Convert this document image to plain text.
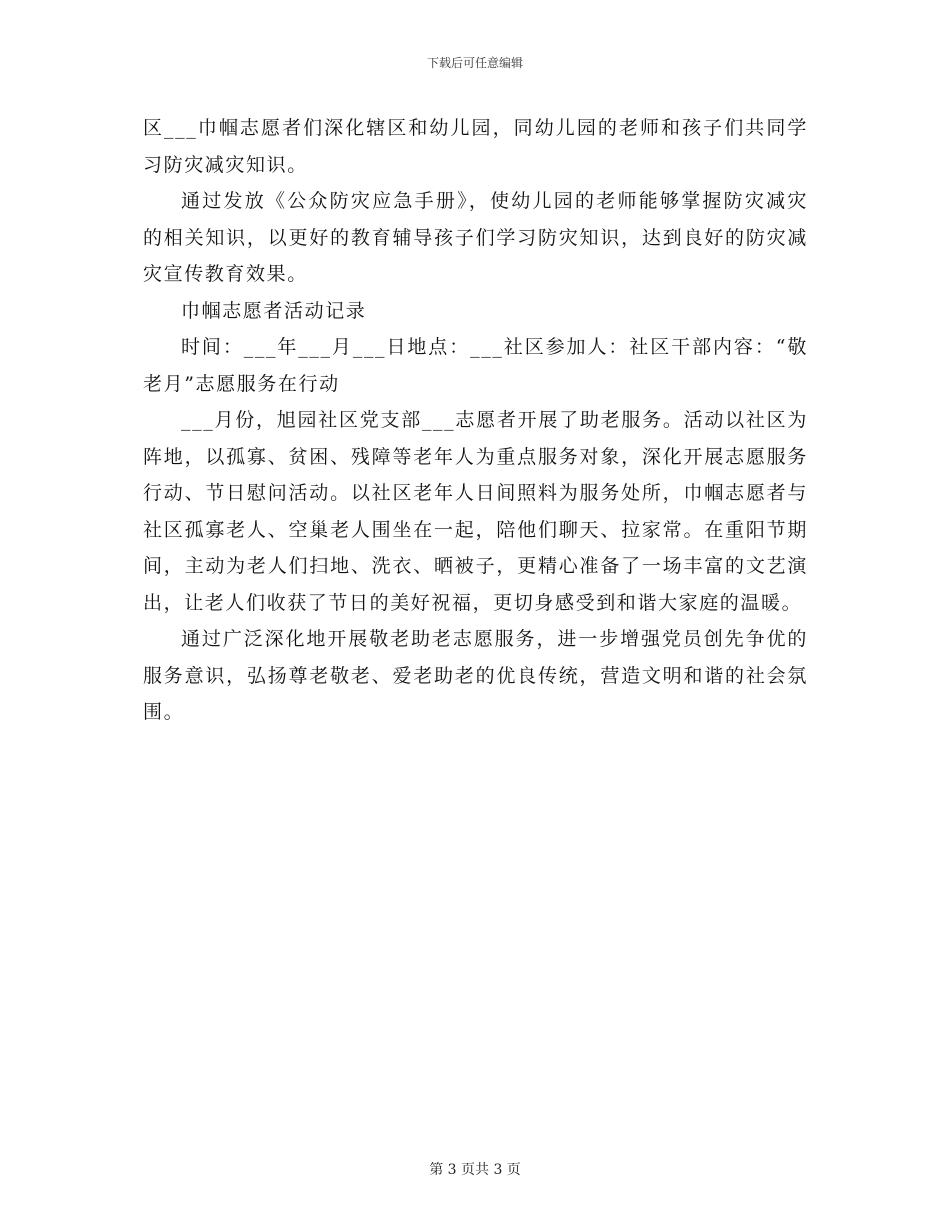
下载后可任意编辑

区___巾帼志愿者们深化辖区和幼儿园，同幼儿园的老师和孩子们共同学习防灾减灾知识。

通过发放《公众防灾应急手册》，使幼儿园的老师能够掌握防灾减灾的相关知识，以更好的教育辅导孩子们学习防灾知识，达到良好的防灾减灾宣传教育效果。

巾帼志愿者活动记录

时间：___年___月___日地点：___社区参加人：社区干部内容：“敬老月”志愿服务在行动

___月份，旭园社区党支部___志愿者开展了助老服务。活动以社区为阵地，以孤寡、贫困、残障等老年人为重点服务对象，深化开展志愿服务行动、节日慰问活动。以社区老年人日间照料为服务处所，巾帼志愿者与社区孤寡老人、空巢老人围坐在一起，陪他们聊天、拉家常。在重阳节期间，主动为老人们扫地、洗衣、晒被子，更精心准备了一场丰富的文艺演出，让老人们收获了节日的美好祝福，更切身感受到和谐大家庭的温暖。

通过广泛深化地开展敬老助老志愿服务，进一步增强党员创先争优的服务意识，弘扬尊老敬老、爱老助老的优良传统，营造文明和谐的社会氛围。

第 3 页共 3 页
